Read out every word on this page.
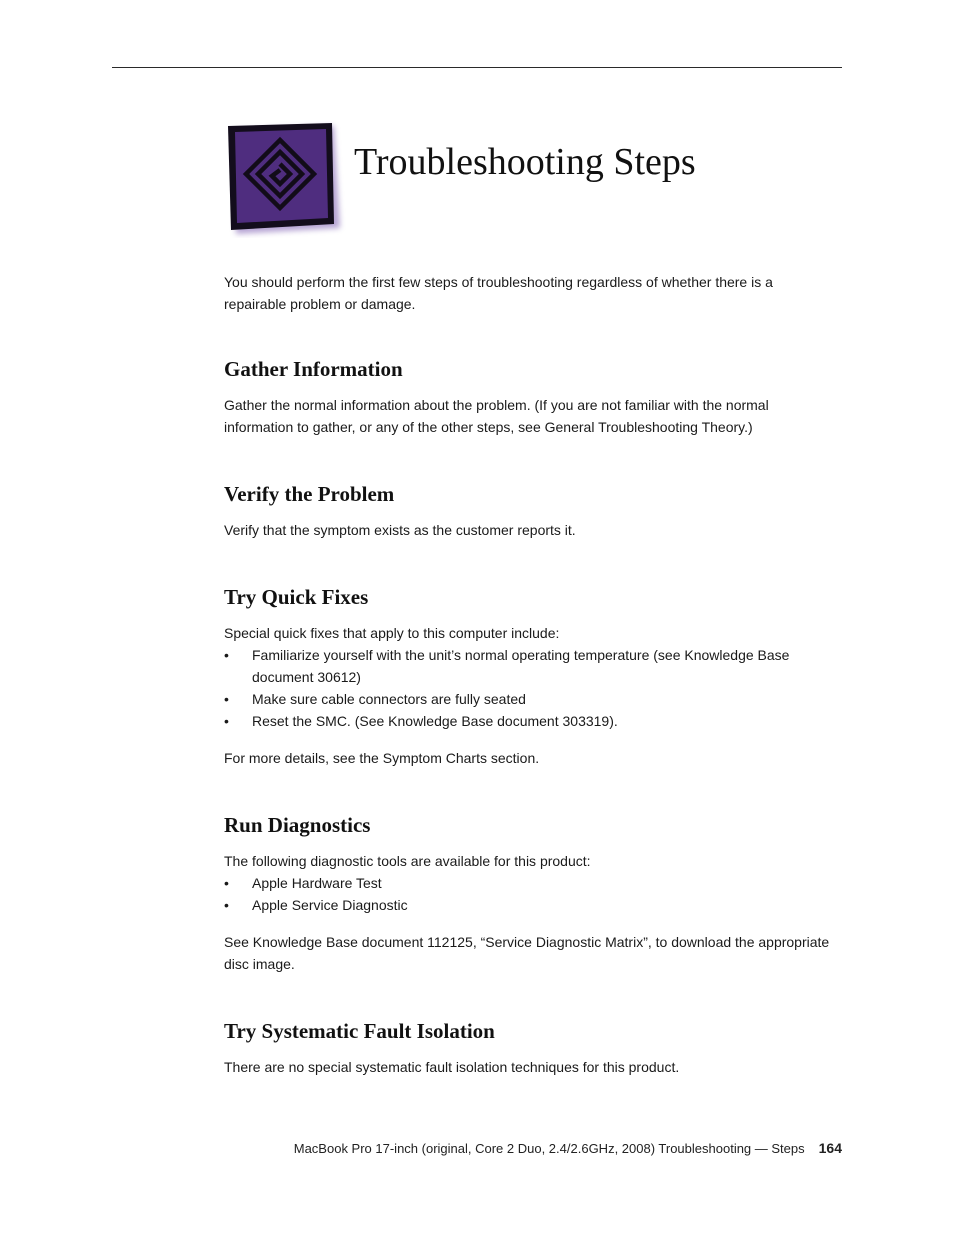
Troubleshooting Steps

You should perform the first few steps of troubleshooting regardless of whether there is a repairable problem or damage.

Gather Information

Gather the normal information about the problem. (If you are not familiar with the normal information to gather, or any of the other steps, see General Troubleshooting Theory.)

Verify the Problem

Verify that the symptom exists as the customer reports it.

Try Quick Fixes

Special quick fixes that apply to this computer include:

• Familiarize yourself with the unit’s normal operating temperature (see Knowledge Base document 30612)
• Make sure cable connectors are fully seated
• Reset the SMC. (See Knowledge Base document 303319).

For more details, see the Symptom Charts section.

Run Diagnostics

The following diagnostic tools are available for this product:

• Apple Hardware Test
• Apple Service Diagnostic

See Knowledge Base document 112125, “Service Diagnostic Matrix”, to download the appropriate disc image.

Try Systematic Fault Isolation

There are no special systematic fault isolation techniques for this product.

MacBook Pro 17-inch (original, Core 2 Duo, 2.4/2.6GHz, 2008) Troubleshooting — Steps 164
